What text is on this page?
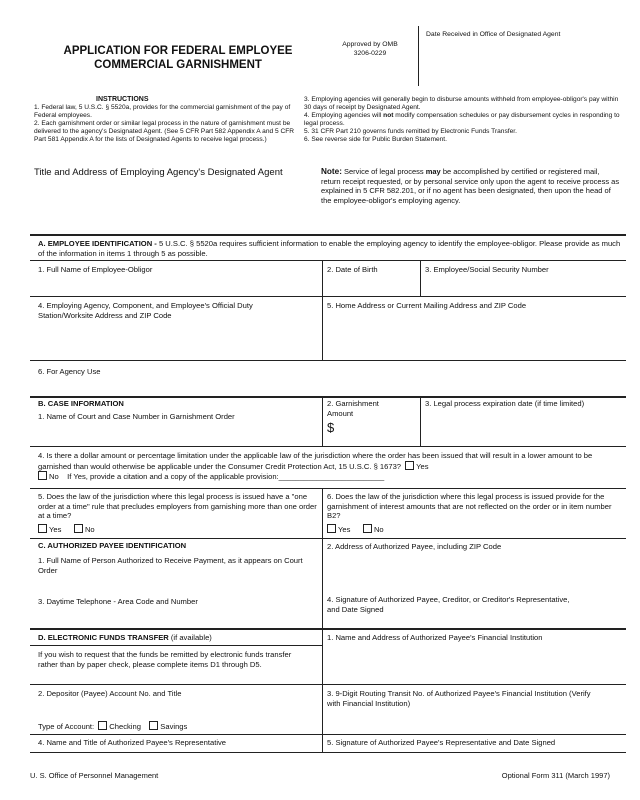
APPLICATION FOR FEDERAL EMPLOYEE
COMMERCIAL GARNISHMENT
Approved by OMB
3206-0229
Date Received in Office of Designated Agent
INSTRUCTIONS
1. Federal law, 5 U.S.C. § 5520a, provides for the commercial garnishment of the pay of Federal employees.
2. Each garnishment order or similar legal process in the nature of garnishment must be delivered to the agency's Designated Agent. (See 5 CFR Part 582 Appendix A and 5 CFR Part 581 Appendix A for the lists of Designated Agents to receive legal process.)
3. Employing agencies will generally begin to disburse amounts withheld from employee-obligor's pay within 30 days of receipt by Designated Agent.
4. Employing agencies will not modify compensation schedules or pay disbursement cycles in responding to legal process.
5. 31 CFR Part 210 governs funds remitted by Electronic Funds Transfer.
6. See reverse side for Public Burden Statement.
Title and Address of Employing Agency's Designated Agent	Note: Service of legal process may be accomplished by certified or registered mail, return receipt requested, or by personal service only upon the agent to receive process as explained in 5 CFR 582.201, or if no agent has been designated, then upon the head of the employee-obligor's employing agency.
A. EMPLOYEE IDENTIFICATION - 5 U.S.C. § 5520a requires sufficient information to enable the employing agency to identify the employee-obligor. Please provide as much of the information in items 1 through 5 as possible.
1. Full Name of Employee-Obligor	2. Date of Birth	3. Employee/Social Security Number
4. Employing Agency, Component, and Employee's Official Duty Station/Worksite Address and ZIP Code
5. Home Address or Current Mailing Address and ZIP Code
6. For Agency Use
B. CASE INFORMATION
1. Name of Court and Case Number in Garnishment Order
2. Garnishment Amount
$
3. Legal process expiration date (if time limited)
4. Is there a dollar amount or percentage limitation under the applicable law of the jurisdiction where the order has been issued that will result in a lower amount to be garnished than would otherwise be applicable under the Consumer Credit Protection Act, 15 U.S.C. § 1673? Yes
No If Yes, provide a citation and a copy of the applicable provision:_________________________
5. Does the law of the jurisdiction where this legal process is issued have a "one order at a time" rule that precludes employers from garnishing more than one order at a time?
Yes	No
6. Does the law of the jurisdiction where this legal process is issued provide for the garnishment of interest amounts that are not reflected on the order or in item number B2?
Yes	No
C. AUTHORIZED PAYEE IDENTIFICATION
1. Full Name of Person Authorized to Receive Payment, as it appears on Court Order
2. Address of Authorized Payee, including ZIP Code
3. Daytime Telephone - Area Code and Number	4. Signature of Authorized Payee, Creditor, or Creditor's Representative, and Date Signed
D. ELECTRONIC FUNDS TRANSFER (if available)	1. Name and Address of Authorized Payee's Financial Institution
If you wish to request that the funds be remitted by electronic funds transfer rather than by paper check, please complete items D1 through D5.
2. Depositor (Payee) Account No. and Title	3. 9-Digit Routing Transit No. of Authorized Payee's Financial Institution (Verify with Financial Institution)
Type of Account: Checking	Savings
4. Name and Title of Authorized Payee's Representative	5. Signature of Authorized Payee's Representative and Date Signed
U. S. Office of Personnel Management	Optional Form 311 (March 1997)
